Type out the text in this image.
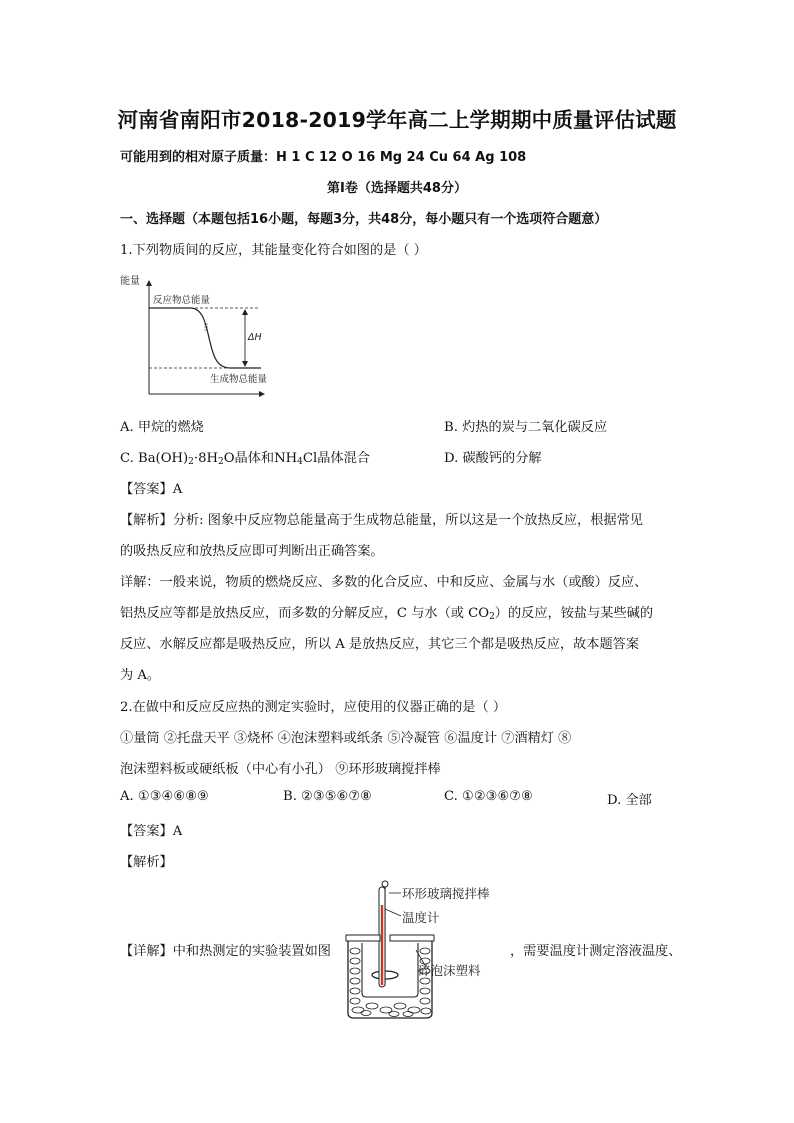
河南省南阳市2018-2019学年高二上学期期中质量评估试题
可能用到的相对原子质量：H 1 C 12 O 16 Mg 24 Cu 64 Ag 108
第Ⅰ卷（选择题共48分）
一、选择题（本题包括16小题，每题3分，共48分，每小题只有一个选项符合题意）
1.下列物质间的反应，其能量变化符合如图的是（ ）
能量
反应物总能量
生成物总能量
ΔH
A. 甲烷的燃烧	B. 灼热的炭与二氧化碳反应
C. $Ba(OH)_2\cdot 8H_2O$晶体和$NH_4Cl$晶体混合	D. 碳酸钙的分解
【答案】A
【解析】分析: 图象中反应物总能量高于生成物总能量，所以这是一个放热反应，根据常见
的吸热反应和放热反应即可判断出正确答案。
详解：一般来说，物质的燃烧反应、多数的化合反应、中和反应、金属与水（或酸）反应、
铝热反应等都是放热反应，而多数的分解反应，C 与水（或 $CO_2$）的反应，铵盐与某些碱的
反应、水解反应都是吸热反应，所以 A 是放热反应，其它三个都是吸热反应，故本题答案
为 A。
2.在做中和反应反应热的测定实验时，应使用的仪器正确的是（ ）
①量筒 ②托盘天平 ③烧杯 ④泡沫塑料或纸条 ⑤冷凝管 ⑥温度计 ⑦酒精灯 ⑧
泡沫塑料板或硬纸板（中心有小孔） ⑨环形玻璃搅拌棒
A. ①③④⑥⑧⑨	B. ②③⑤⑥⑦⑧	C. ①②③⑥⑦⑧	D. 全部
【答案】A
【解析】
【详解】中和热测定的实验装置如图	，需要温度计测定溶液温度、
环形玻璃搅拌棒
温度计
碎泡沫塑料
